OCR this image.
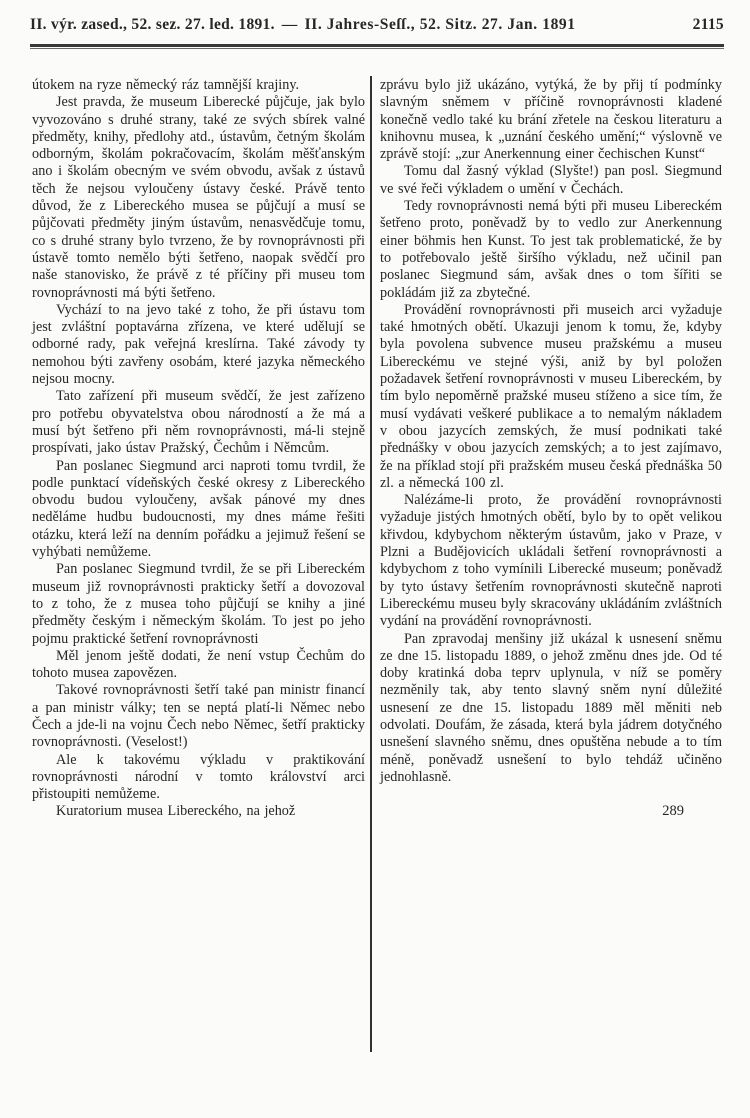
II. výr. zased., 52. sez. 27. led. 1891. — II. Jahres-Seſſ., 52. Sitz. 27. Jan. 1891	2115

útokem na ryze německý ráz tamnější krajiny.

Jest pravda, že museum Liberecké půjčuje, jak bylo vyvozováno s druhé strany, také ze svých sbírek valné předměty, knihy, předlohy atd., ústavům, četným školám odborným, školám pokračovacím, školám měšťanským ano i školám obecným ve svém obvodu, avšak z ústavů těch že nejsou vyloučeny ústavy české. Právě tento důvod, že z Libereckého musea se půjčují a musí se půjčovati předměty jiným ústavům, nenasvědčuje tomu, co s druhé strany bylo tvrzeno, že by rovnoprávnosti při ústavě tomto nemělo býti šetřeno, naopak svědčí pro naše stanovisko, že právě z té příčiny při museu tom rovnoprávnosti má býti šetřeno.

Vychází to na jevo také z toho, že při ústavu tom jest zvláštní poptavárna zřízena, ve které udělují se odborné rady, pak veřejná kreslírna. Také závody ty nemohou býti zavřeny osobám, které jazyka německého nejsou mocny.

Tato zařízení při museum svědčí, že jest zařízeno pro potřebu obyvatelstva obou národností a že má a musí být šetřeno při něm rovnoprávnosti, má-li stejně prospívati, jako ústav Pražský, Čechům i Němcům.

Pan poslanec Siegmund arci naproti tomu tvrdil, že podle punktací vídeňských české okresy z Libereckého obvodu budou vyloučeny, avšak pánové my dnes neděláme hudbu budoucnosti, my dnes máme řešiti otázku, která leží na denním pořádku a jejimuž řešení se vyhýbati nemůžeme.

Pan poslanec Siegmund tvrdil, že se při Libereckém museum již rovnoprávnosti prakticky šetří a dovozoval to z toho, že z musea toho půjčují se knihy a jiné předměty českým i německým školám. To jest po jeho pojmu praktické šetření rovnoprávnosti

Měl jenom ještě dodati, že není vstup Čechům do tohoto musea zapovězen.

Takové rovnoprávnosti šetří také pan ministr financí a pan ministr války; ten se neptá platí-li Němec nebo Čech a jde-li na vojnu Čech nebo Němec, šetří prakticky rovnoprávnosti. (Veselost!)

Ale k takovému výkladu v praktikování rovnoprávnosti národní v tomto království arci přistoupiti nemůžeme.

Kuratorium musea Libereckého, na jehož

zprávu bylo již ukázáno, vytýká, že by přij tí podmínky slavným sněmem v příčině rovnoprávnosti kladené konečně vedlo také ku brání zřetele na českou literaturu a knihovnu musea, k „uznání českého umění;“ výslovně ve zprávě stojí: „zur Anerkennung einer čechischen Kunst“

Tomu dal žasný výklad (Slyšte!) pan posl. Siegmund ve své řeči výkladem o umění v Čechách.

Tedy rovnoprávnosti nemá býti při museu Libereckém šetřeno proto, poněvadž by to vedlo zur Anerkennung einer böhmis hen Kunst. To jest tak problematické, že by to potřebovalo ještě širšího výkladu, než učinil pan poslanec Siegmund sám, avšak dnes o tom šířiti se pokládám již za zbytečné.

Provádění rovnoprávnosti při museich arci vyžaduje také hmotných obětí. Ukazuji jenom k tomu, že, kdyby byla povolena subvence museu pražskému a museu Libereckému ve stejné výši, aniž by byl položen požadavek šetření rovnoprávnosti v museu Libereckém, by tím bylo nepoměrně pražské museu stíženo a sice tím, že musí vydávati veškeré publikace a to nemalým nákladem v obou jazycích zemských, že musí podnikati také přednášky v obou jazycích zemských; a to jest zajímavo, že na příklad stojí při pražském museu česká přednáška 50 zl. a německá 100 zl.

Nalézáme-li proto, že provádění rovnoprávnosti vyžaduje jistých hmotných obětí, bylo by to opět velikou křivdou, kdybychom některým ústavům, jako v Praze, v Plzni a Budějovicích ukládali šetření rovnoprávnosti a kdybychom z toho vymínili Liberecké museum; poněvadž by tyto ústavy šetřením rovnoprávnosti skutečně naproti Libereckému museu byly skracovány ukládáním zvláštních vydání na provádění rovnoprávnosti.

Pan zpravodaj menšiny již ukázal k usnesení sněmu ze dne 15. listopadu 1889, o jehož změnu dnes jde. Od té doby kratinká doba teprv uplynula, v níž se poměry nezměnily tak, aby tento slavný sněm nyní důležité usnesení ze dne 15. listopadu 1889 měl měniti neb odvolati. Doufám, že zásada, která byla jádrem dotyčného usnešení slavného sněmu, dnes opuštěna nebude a to tím méně, poněvadž usnešení to bylo tehdáž učiněno jednohlasně.

289
